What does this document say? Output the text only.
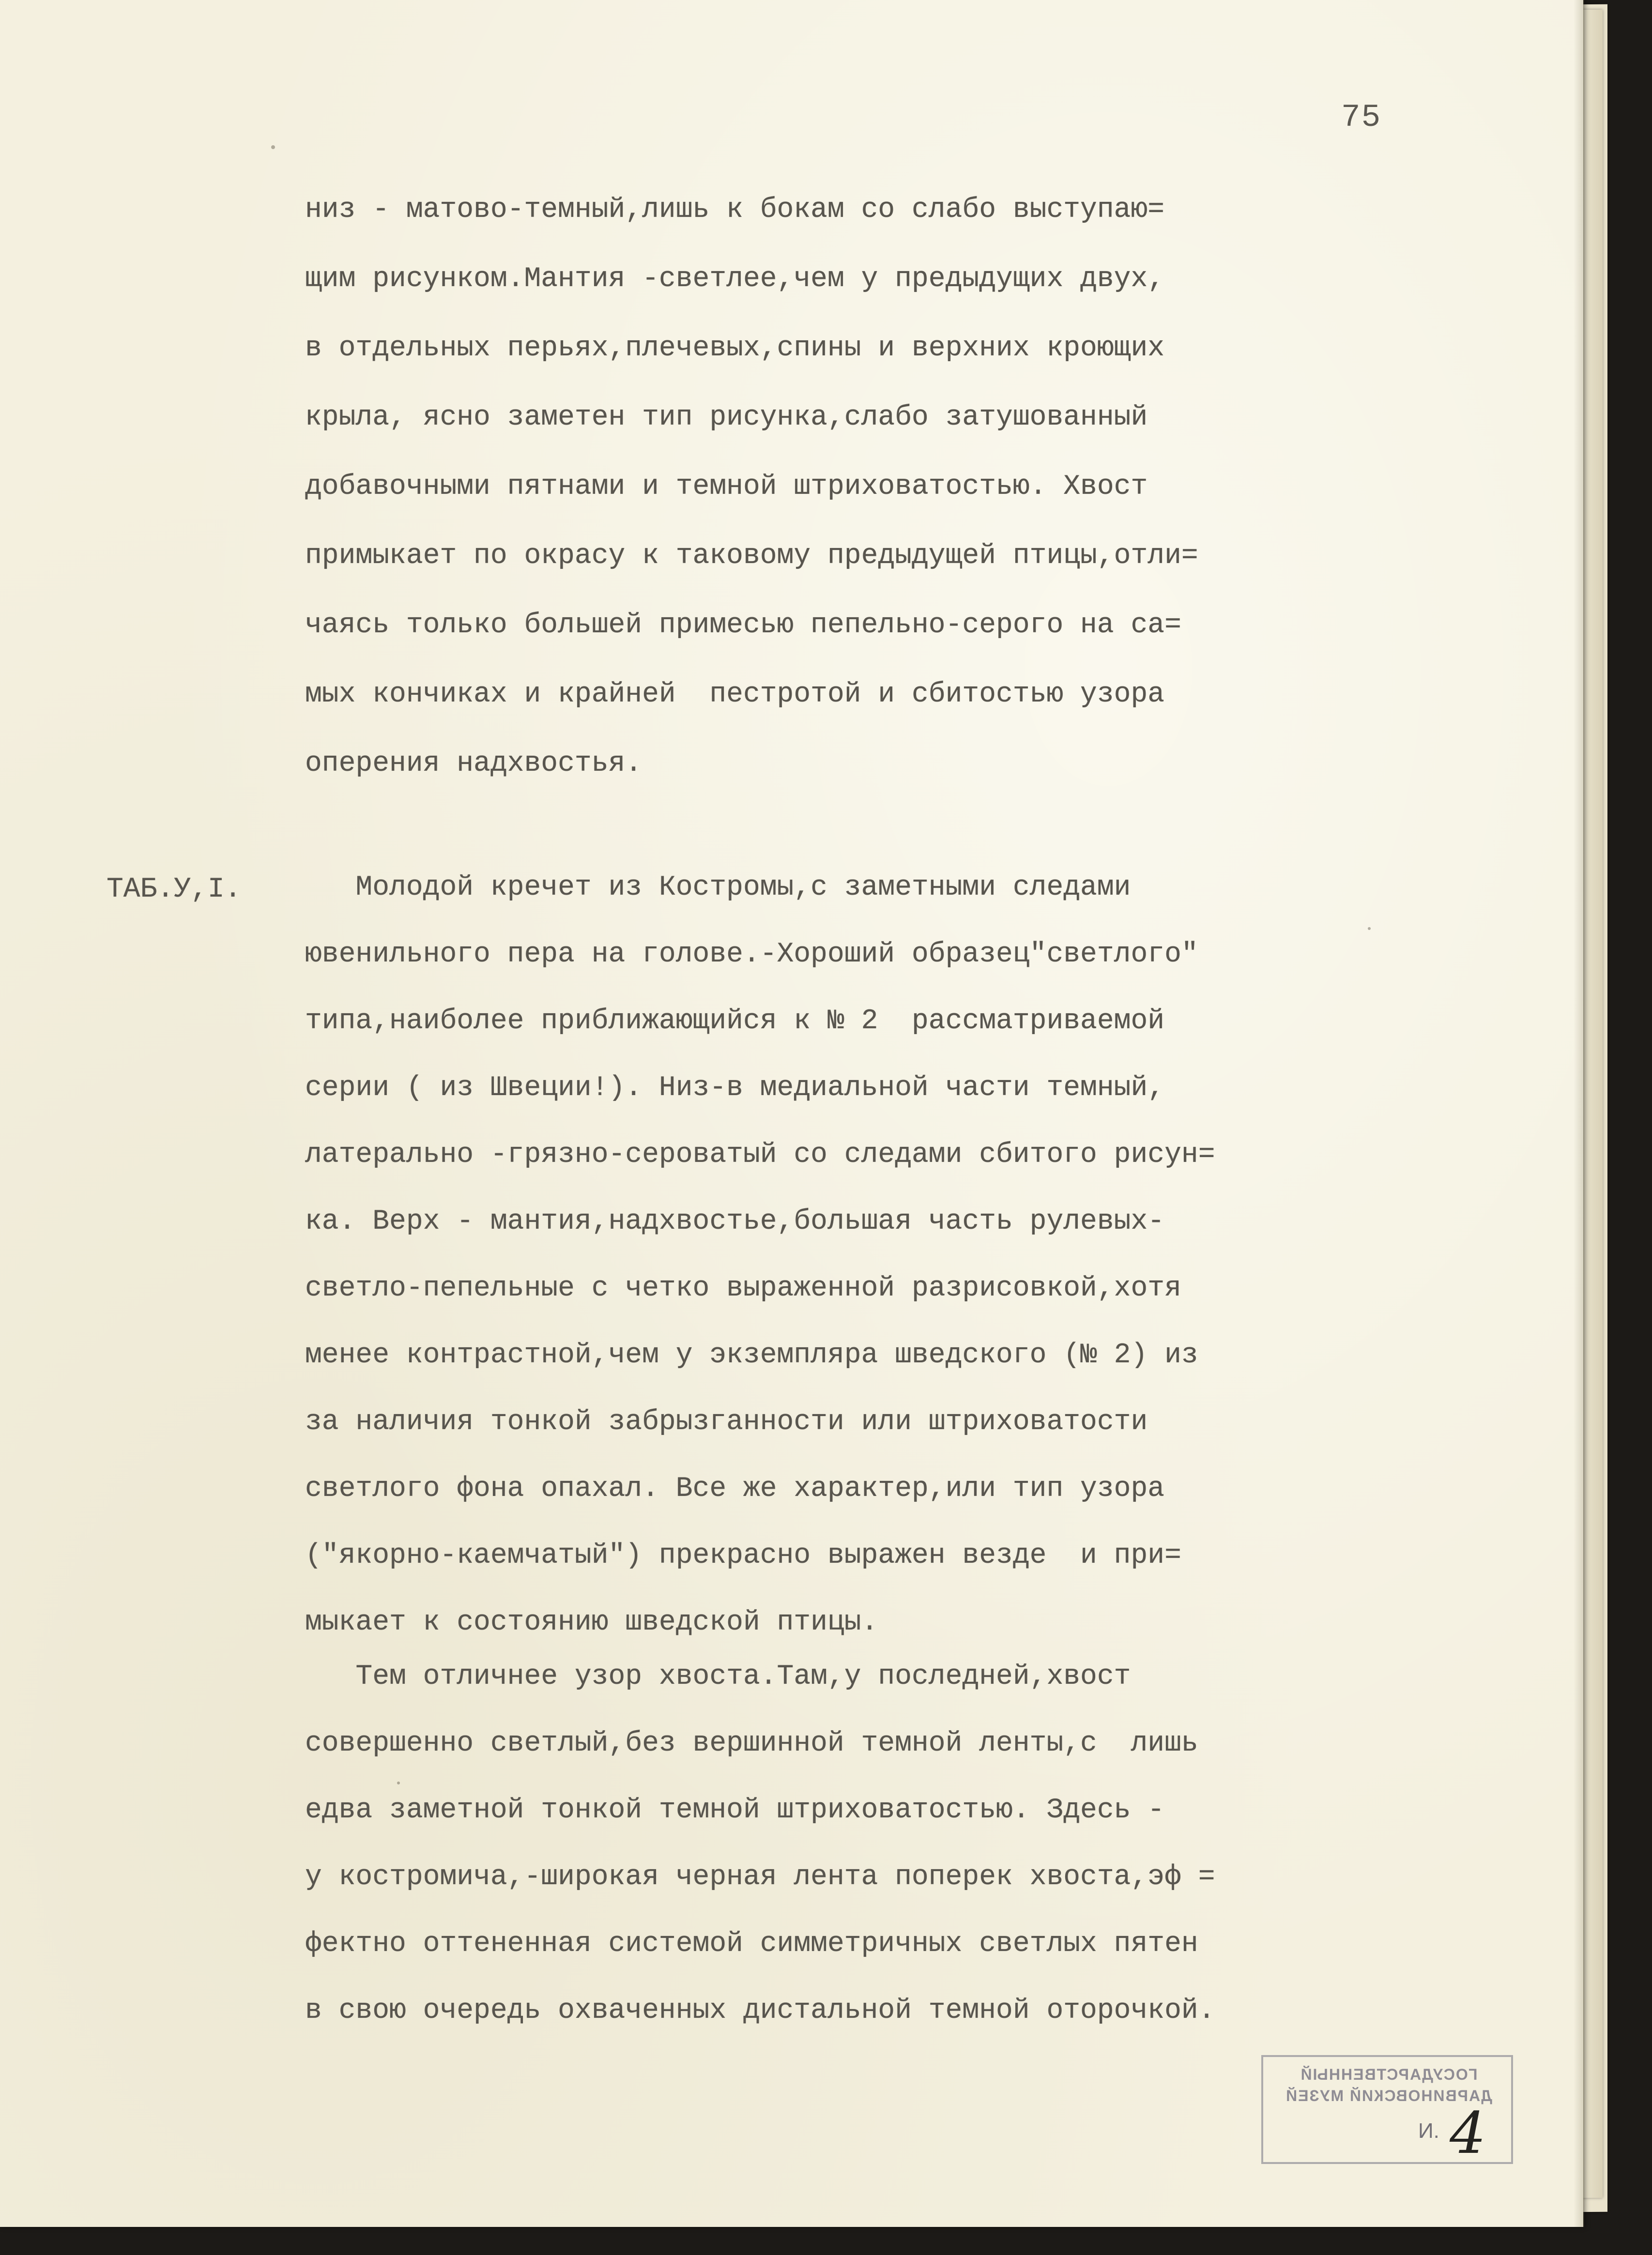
75

низ - матово-темный,лишь к бокам со слабо выступаю=

щим рисунком.Мантия -светлее,чем у предыдущих двух,

в отдельных перьях,плечевых,спины и верхних кроющих

крыла, ясно заметен тип рисунка,слабо затушованный

добавочными пятнами и темной штриховатостью. Хвост

примыкает по окрасу к таковому предыдущей птицы,отли=

чаясь только большей примесью пепельно-серого на са=

мых кончиках и крайней  пестротой и сбитостью узора

оперения надхвостья.

ТАБ.У,I.

Молодой кречет из Костромы,с заметными следами

ювенильного пера на голове.-Хороший образец"светлого"

типа,наиболее приближающийся к № 2  рассматриваемой

серии ( из Швеции!). Низ-в медиальной части темный,

латерально -грязно-сероватый со следами сбитого рисун=

ка. Верх - мантия,надхвостье,большая часть рулевых-

светло-пепельные с четко выраженной разрисовкой,хотя

менее контрастной,чем у экземпляра шведского (№ 2) из

за наличия тонкой забрызганности или штриховатости

светлого фона опахал. Все же характер,или тип узора

("якорно-каемчатый") прекрасно выражен везде  и при=

мыкает к состоянию шведской птицы.

Тем отличнее узор хвоста.Там,у последней,хвост

совершенно светлый,без вершинной темной ленты,с  лишь

едва заметной тонкой темной штриховатостью. Здесь -

у костромича,-широкая черная лента поперек хвоста,эф =

фектно оттененная системой симметричных светлых пятен

в свою очередь охваченных дистальной темной оторочкой.

ГОСУДАРСТВЕННЫЙ
ДАРВИНОВСКИЙ МУЗЕЙ
И. 4
